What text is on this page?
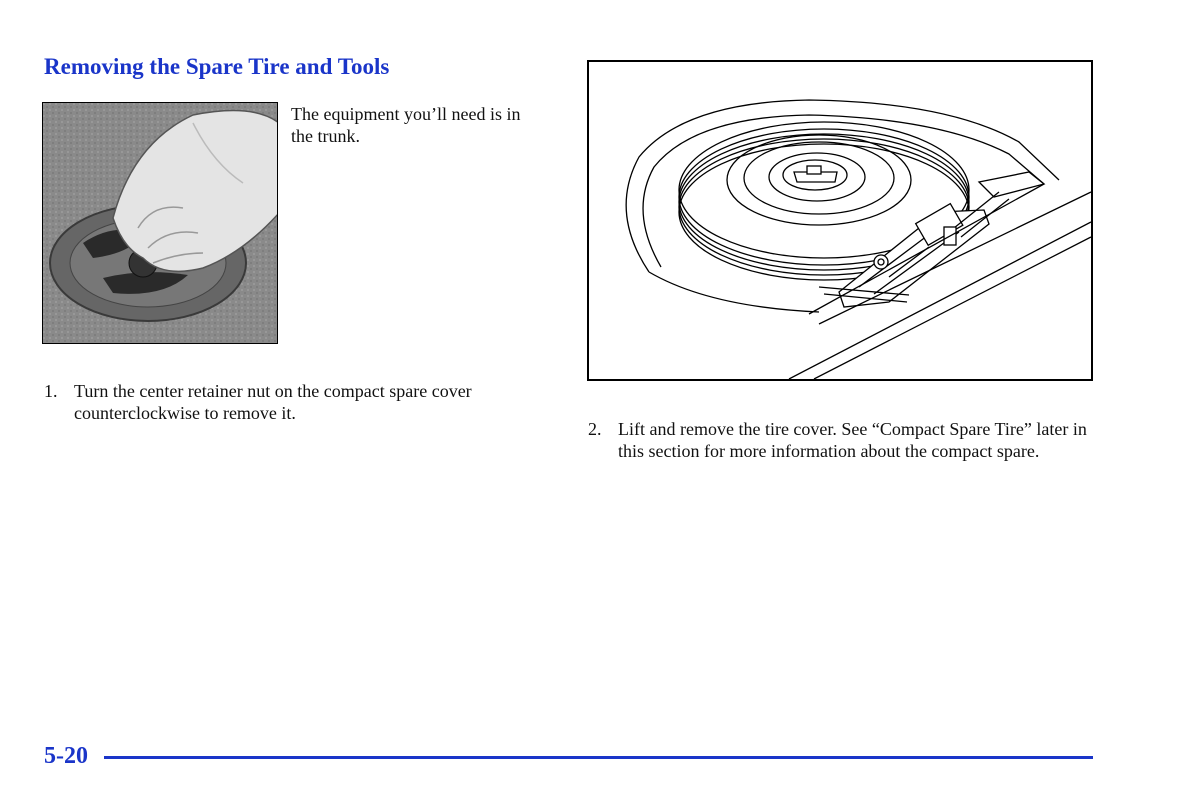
Removing the Spare Tire and Tools
The equipment you’ll need is in the trunk.
1. Turn the center retainer nut on the compact spare cover counterclockwise to remove it.
2. Lift and remove the tire cover. See “Compact Spare Tire” later in this section for more information about the compact spare.
5-20
